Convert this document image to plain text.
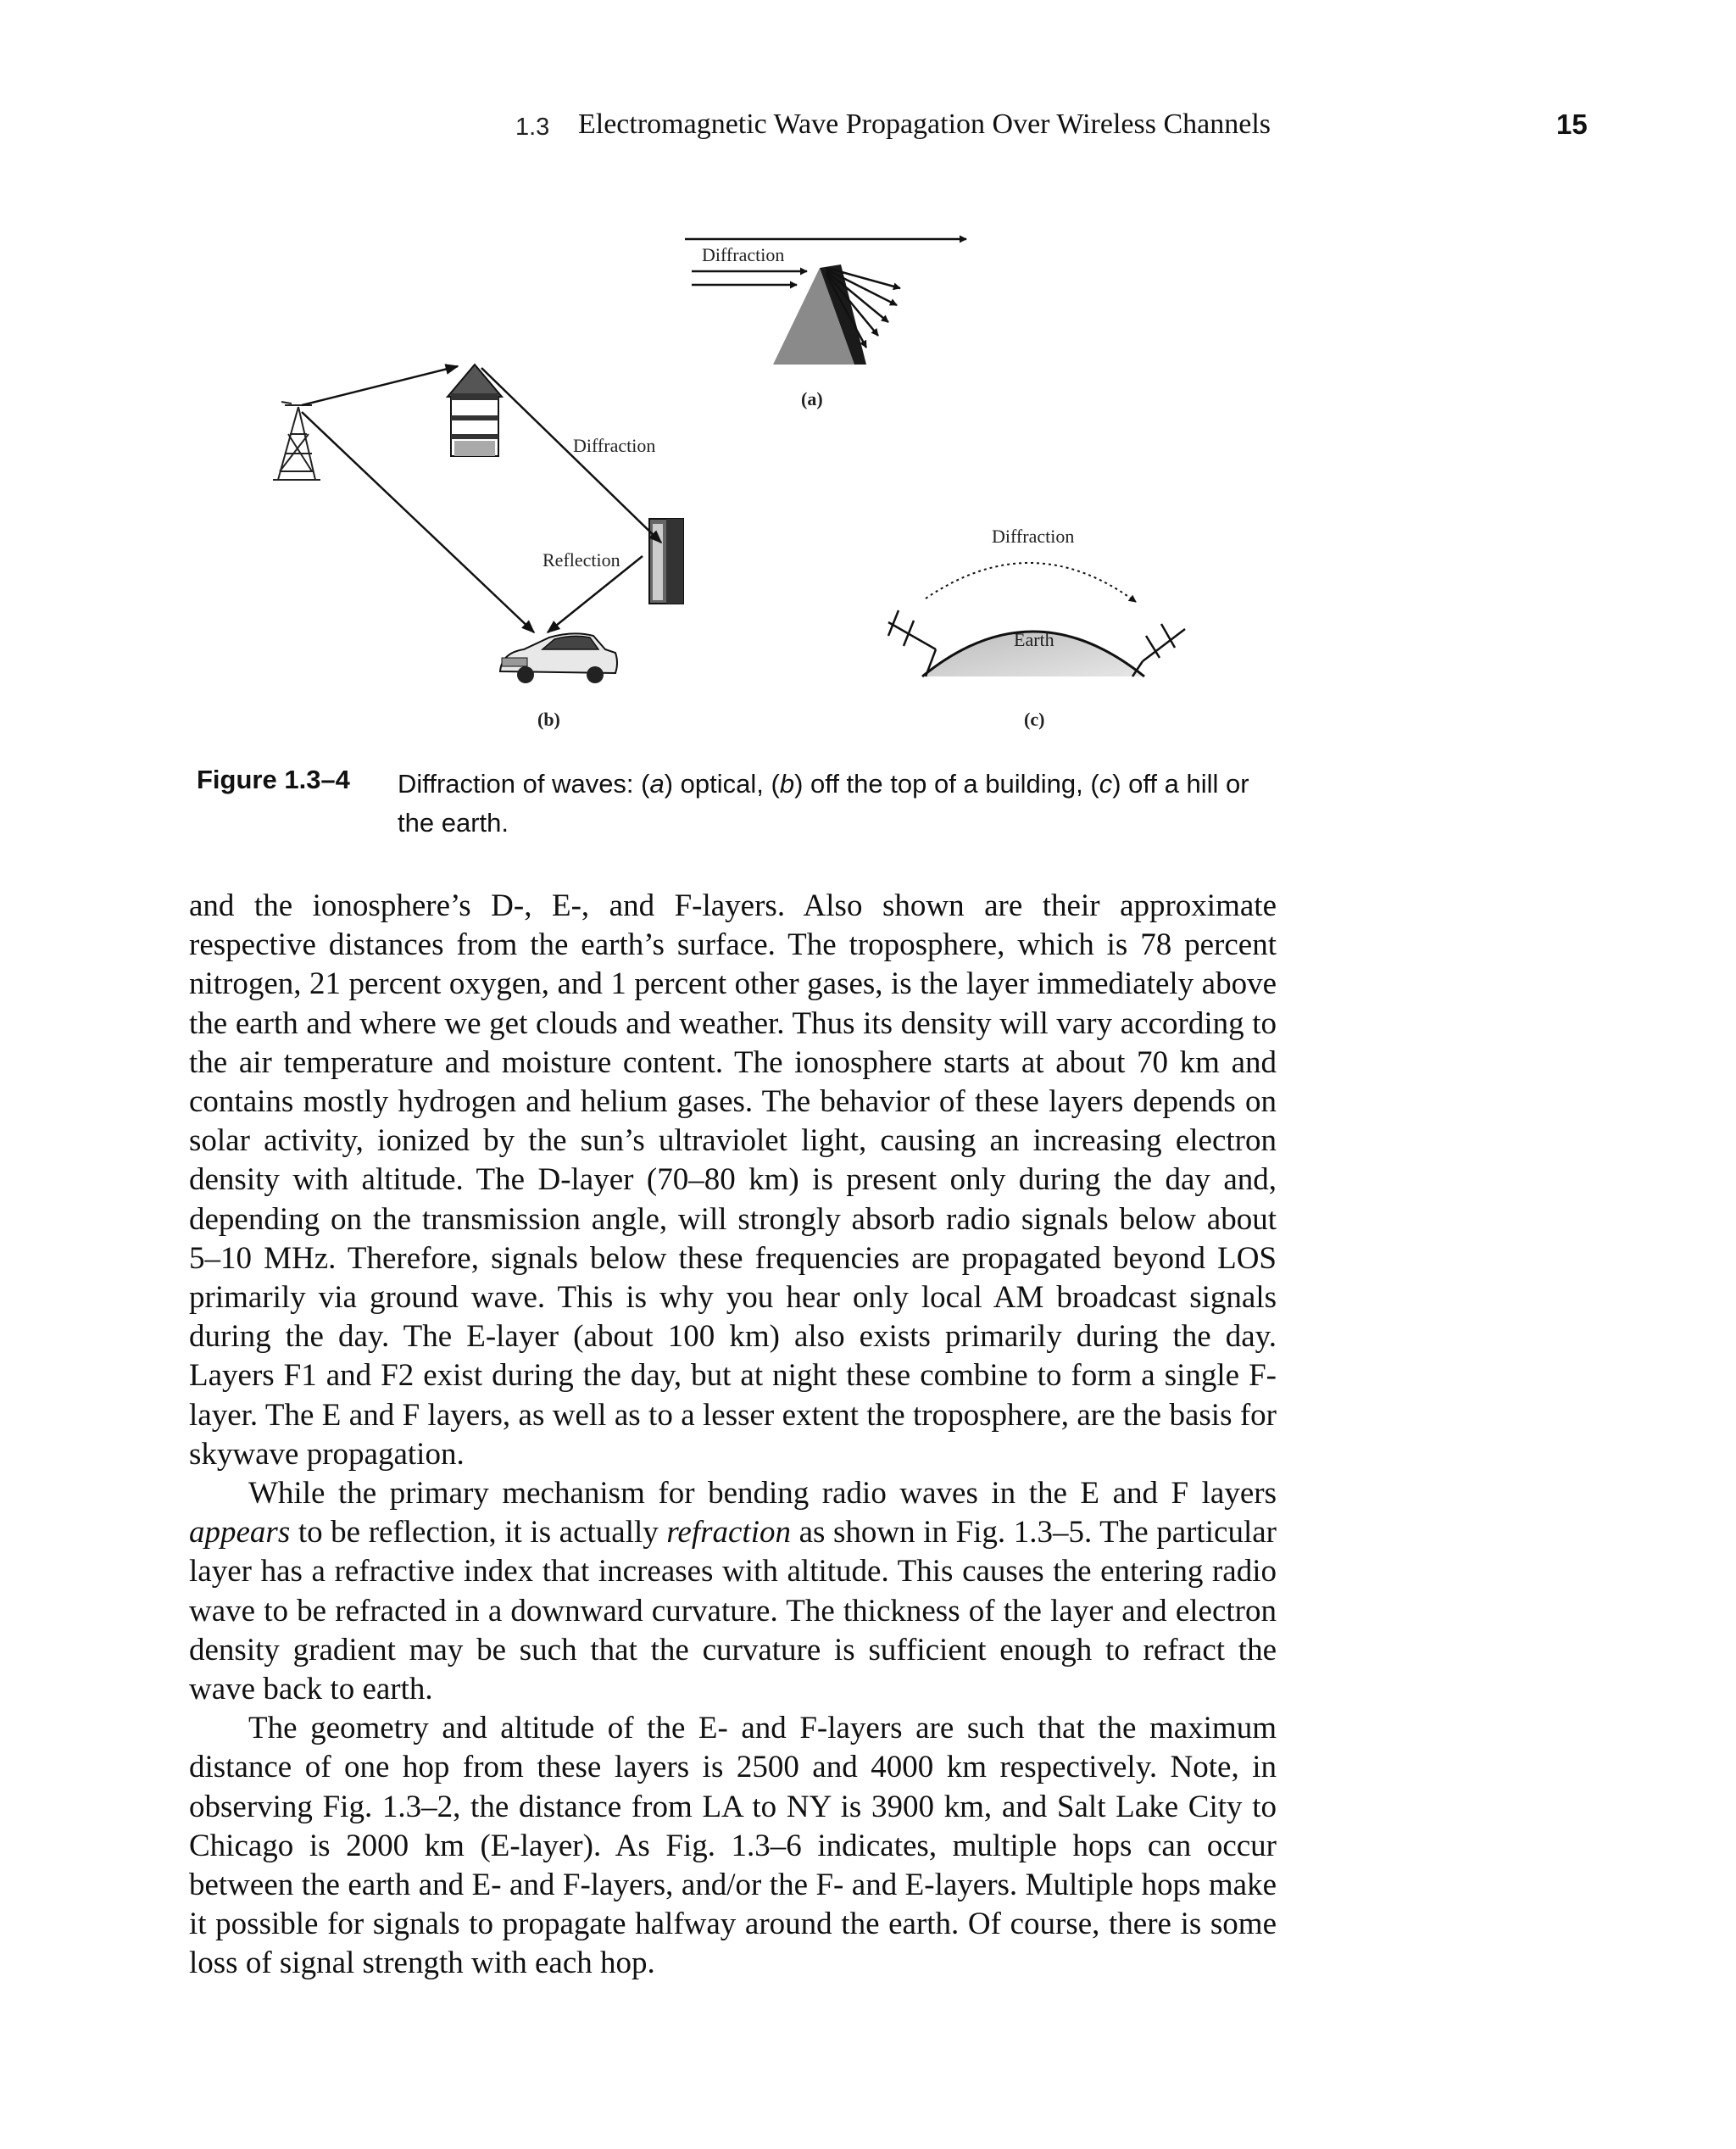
1.3 Electromagnetic Wave Propagation Over Wireless Channels	15
Diffraction
(a)
Diffraction
Reflection
(b)
Diffraction
Earth
(c)
Figure 1.3–4 Diffraction of waves: (a) optical, (b) off the top of a building, (c) off a hill or the earth.

and the ionosphere’s D-, E-, and F-layers. Also shown are their approximate respective distances from the earth’s surface. The troposphere, which is 78 percent nitrogen, 21 percent oxygen, and 1 percent other gases, is the layer immediately above the earth and where we get clouds and weather. Thus its density will vary according to the air temperature and moisture content. The ionosphere starts at about 70 km and contains mostly hydrogen and helium gases. The behavior of these layers depends on solar activity, ionized by the sun’s ultraviolet light, causing an increasing electron density with altitude. The D-layer (70–80 km) is present only during the day and, depending on the transmission angle, will strongly absorb radio signals below about 5–10 MHz. Therefore, signals below these frequencies are propagated beyond LOS primarily via ground wave. This is why you hear only local AM broadcast signals during the day. The E-layer (about 100 km) also exists primarily during the day. Layers F1 and F2 exist during the day, but at night these combine to form a single F-layer. The E and F layers, as well as to a lesser extent the troposphere, are the basis for skywave propagation.

While the primary mechanism for bending radio waves in the E and F layers appears to be reflection, it is actually refraction as shown in Fig. 1.3–5. The particular layer has a refractive index that increases with altitude. This causes the entering radio wave to be refracted in a downward curvature. The thickness of the layer and electron density gradient may be such that the curvature is sufficient enough to refract the wave back to earth.

The geometry and altitude of the E- and F-layers are such that the maximum distance of one hop from these layers is 2500 and 4000 km respectively. Note, in observing Fig. 1.3–2, the distance from LA to NY is 3900 km, and Salt Lake City to Chicago is 2000 km (E-layer). As Fig. 1.3–6 indicates, multiple hops can occur between the earth and E- and F-layers, and/or the F- and E-layers. Multiple hops make it possible for signals to propagate halfway around the earth. Of course, there is some loss of signal strength with each hop.
